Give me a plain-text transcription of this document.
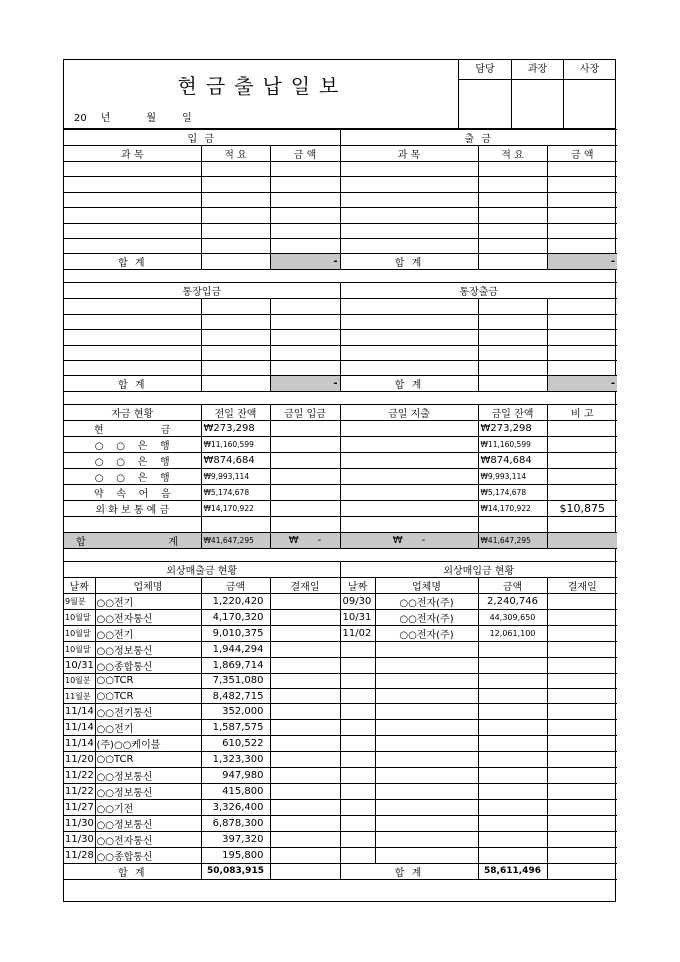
현금출납일보
20 년	월	일
담당	과장	사장
입 금				출 금			
과 목		적 요	금 액	과 목		적 요	금 액

합 계			-	합 계			-

통장입금				통장출금			

합 계			-	합 계			-

자금 현황		전일 잔액	금일 입금	금일 지출		금일 잔액	비 고
현                  금		₩273,298				₩273,298	
○    ○    은    행		₩11,160,599				₩11,160,599	
○    ○    은    행		₩874,684				₩874,684	
○    ○    은    행		₩9,993,114				₩9,993,114	
약    속    어    음		₩5,174,678				₩5,174,678	
외 화 보 통 예 금		₩14,170,922				₩14,170,922	$10,875

합                          계		₩41,647,295	₩      -	₩      -		₩41,647,295	

외상매출금 현황				외상매입금 현황			
날짜	업체명	금액	결재일	날짜	업체명	금액	결재일
9월분	○○전기	1,220,420		09/30	○○전자(주)	2,240,746	
10월달	○○전자통신	4,170,320		10/31	○○전자(주)	44,309,650	
10월달	○○전기	9,010,375		11/02	○○전자(주)	12,061,100	
10월달	○○정보통신	1,944,294					
10/31	○○종합통신	1,869,714					
10월분	○○TCR	7,351,080					
11월분	○○TCR	8,482,715					
11/14	○○전기통신	352,000					
11/14	○○전기	1,587,575					
11/14	(주)○○케이블	610,522					
11/20	○○TCR	1,323,300					
11/22	○○정보통신	947,980					
11/22	○○정보통신	415,800					
11/27	○○기전	3,326,400					
11/30	○○정보통신	6,878,300					
11/30	○○전자통신	397,320					
11/28	○○종합통신	195,800					
합 계		50,083,915		합 계		58,611,496	
